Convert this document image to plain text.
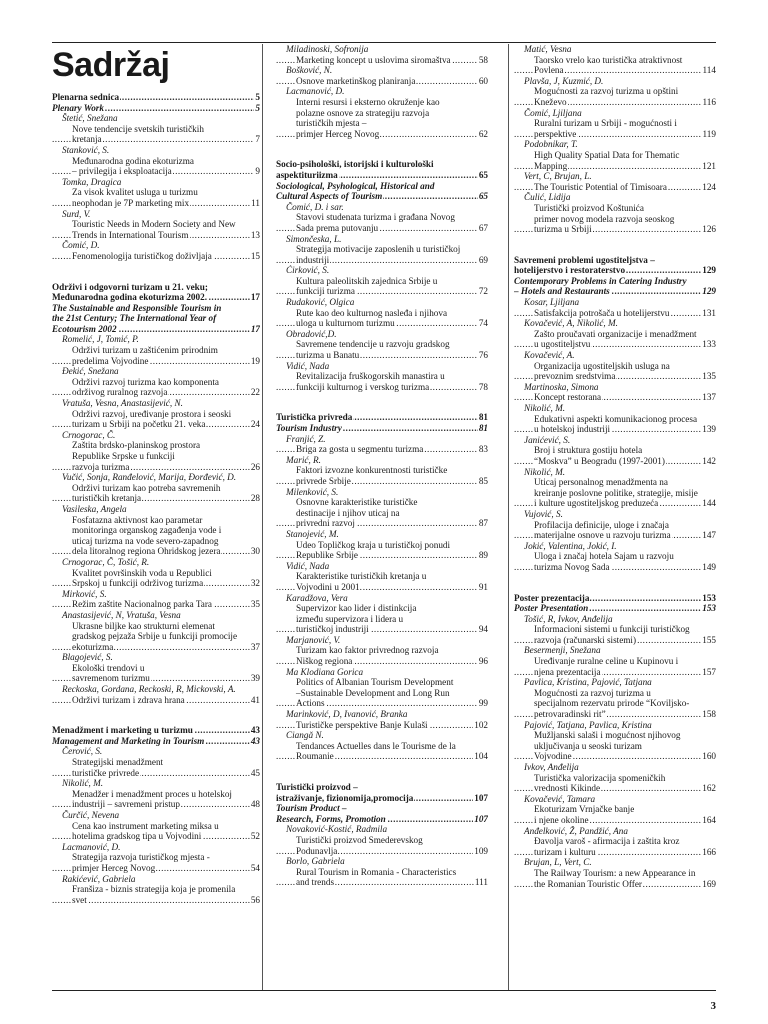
Sadržaj
..... Plenarna sednica	5
..... Plenary Work	5
Štetić, Snežana
Nove tendencije svetskih turističkih
..... kretanja	7
Stanković, S.
Međunarodna godina ekoturizma
..... – privilegija i eksploatacija	9
Tomka, Dragica
Za visok kvalitet usluga u turizmu
..... neophodan je 7P marketing mix	11
Surd, V.
Touristic Needs in Modern Society and New
..... Trends in International Tourism	13
Čomić, D.
..... Fenomenologija turističkog doživljaja	15
Održivi i odgovorni turizam u 21. veku;
..... Međunarodna godina ekoturizma 2002.	17
The Sustainable and Responsible Tourism in
the 21st Century; The International Year of
..... Ecotourism 2002	17
Romelić, J, Tomić, P.
Održivi turizam u zaštićenim prirodnim
..... predelima Vojvodine	19
Đekić, Snežana
Održivi razvoj turizma kao komponenta
..... održivog ruralnog razvoja	22
Vratuša, Vesna, Anastasijević, N.
Održivi razvoj, uređivanje prostora i seoski
..... turizam u Srbiji na početku 21. veka	24
Crnogorac, Č.
Zaštita brdsko-planinskog prostora
Republike Srpske u funkciji
..... razvoja turizma	26
Vučić, Sonja, Ranđelović, Marija, Đorđević, D.
Održivi turizam kao potreba savremenih
..... turističkih kretanja	28
Vasileska, Angela
Fosfatazna aktivnost kao parametar
monitoringa organskog zagađenja vode i
uticaj turizma na vode severo-zapadnog
..... dela litoralnog regiona Ohridskog jezera	30
Crnogorac, Č, Tošić, R.
Kvalitet površinskih voda u Republici
..... Srpskoj u funkciji održivog turizma	32
Mirković, S.
..... Režim zaštite Nacionalnog parka Tara	35
Anastasijević, N, Vratuša, Vesna
Ukrasne biljke kao strukturni elemenat
gradskog pejzaža Srbije u funkciji promocije
..... ekoturizma	37
Blagojević, S.
Ekološki trendovi u
..... savremenom turizmu	39
Reckoska, Gordana, Reckoski, R, Mickovski, A.
..... Održivi turizam i zdrava hrana	41
..... Menadžment i marketing u turizmu	43
..... Management and Marketing in Tourism	43
Čerović, S.
Strategijski menadžment
..... turističke privrede	45
Nikolić, M.
Menadžer i menadžment proces u hotelskoj
..... industriji – savremeni pristup	48
Čurčić, Nevena
Cena kao instrument marketing miksa u
..... hotelima gradskog tipa u Vojvodini	52
Lacmanović, D.
Strategija razvoja turističkog mjesta -
..... primjer Herceg Novog	54
Rakićević, Gabriela
Franšiza - biznis strategija koja je promenila
..... svet	56
Miladinoski, Sofronija
..... Marketing koncept u uslovima siromaštva	58
Bošković, N.
..... Osnove marketinškog planiranja	60
Lacmanović, D.
Interni resursi i eksterno okruženje kao
polazne osnove za strategiju razvoja
turističkih mjesta –
..... primjer Herceg Novog	62
Socio-psihološki, istorijski i kulturološki
..... aspektituriizma	65
Sociological, Psyhological, Historical and
..... Cultural Aspects of Tourism	65
Čomić, D. i sar.
Stavovi studenata turizma i građana Novog
..... Sada prema putovanju	67
Simončeska, L.
Strategija motivacije zaposlenih u turističkoj
..... industriji	69
Ćirković, S.
Kultura paleolitskih zajednica Srbije u
..... funkciji turizma	72
Rudaković, Olgica
Rute kao deo kulturnog nasleđa i njihova
..... uloga u kulturnom turizmu	74
Obradović,D.
Savremene tendencije u razvoju gradskog
..... turizma u Banatu	76
Vidić, Nada
Revitalizacija fruškogorskih manastira u
..... funkciji kulturnog i verskog turizma	78
..... Turistička privreda	81
..... Tourism Industry	81
Franjić, Z.
..... Briga za gosta u segmentu turizma	83
Marić, R.
Faktori izvozne konkurentnosti turističke
..... privrede Srbije	85
Milenković, S.
Osnovne karakteristike turističke
destinacije i njihov uticaj na
..... privredni razvoj	87
Stanojević, M.
Udeo Topličkog kraja u turističkoj ponudi
..... Republike Srbije	89
Vidić, Nada
Karakteristike turističkih kretanja u
..... Vojvodini u 2001.	91
Karadžova, Vera
Supervizor kao lider i distinkcija
između supervizora i lidera u
..... turističkoj industriji	94
Marjanović, V.
Turizam kao faktor privrednog razvoja
..... Niškog regiona	96
Ma Klodiana Gorica
Politics of Albanian Tourism Development
–Sustainable Development and Long Run
..... Actions	99
Marinković, D, Ivanović, Branka
..... Turističke perspektive Banje Kulaši	102
Ciangă N.
Tendances Actuelles dans le Tourisme de la
..... Roumanie	104
Turistički proizvod –
..... istraživanje, fizionomija,promocija	107
Tourism Product –
..... Research, Forms, Promotion	107
Novaković-Kostić, Radmila
Turistički proizvod Smederevskog
..... Podunavlja	109
Borlo, Gabriela
Rural Tourism in Romania - Characteristics
..... and trends	111
Matić, Vesna
Taorsko vrelo kao turistička atraktivnost
..... Povlena	114
Plavša, J, Kuzmić, D.
Mogućnosti za razvoj turizma u opštini
..... Kneževo	116
Čomić, Ljiljana
Ruralni turizam u Srbiji - mogućnosti i
..... perspektive	119
Podobnikar, T.
High Quality Spatial Data for Thematic
..... Mapping	121
Vert, C, Brujan, L.
..... The Touristic Potential of Timisoara	124
Čulić, Lidija
Turistički proizvod Koštunića
primer novog modela razvoja seoskog
..... turizma u Srbiji	126
Savremeni problemi ugostiteljstva –
..... hotelijerstvo i restoraterstvo	129
Contemporary Problems in Catering Industry
..... – Hotels and Restaurants	129
Kosar, Ljiljana
..... Satisfakcija potrošača u hotelijerstvu	131
Kovačević, A, Nikolić, M.
Zašto proučavati organizacije i menadžment
..... u ugostiteljstvu	133
Kovačević, A.
Organizacija ugostiteljskih usluga na
..... prevoznim sredstvima	135
Martinoska, Simona
..... Koncept restorana	137
Nikolić, M.
Edukativni aspekti komunikacionog procesa
..... u hotelskoj industriji	139
Janićević, S.
Broj i struktura gostiju hotela
..... “Moskva” u Beogradu (1997-2001)	142
Nikolić, M.
Uticaj personalnog menadžmenta na
kreiranje poslovne politike, strategije, misije
..... i kulture ugostiteljskog preduzeća	144
Vujović, S.
Profilacija definicije, uloge i značaja
..... materijalne osnove u razvoju turizma	147
Jokić, Valentina, Jokić, I.
Uloga i značaj hotela Sajam u razvoju
..... turizma Novog Sada	149
..... Poster prezentacija	153
..... Poster Presentation	153
Tošić, R, Ivkov, Anđelija
Informacioni sistemi u funkciji turističkog
..... razvoja (računarski sistemi)	155
Besermenji, Snežana
Uređivanje ruralne celine u Kupinovu i
..... njena prezentacija	157
Pavlica, Kristina, Pajović, Tatjana
Mogućnosti za razvoj turizma u
specijalnom rezervatu prirode “Koviljsko-
..... petrovaradinski rit”	158
Pajović, Tatjana, Pavlica, Kristina
Mužljanski salaši i mogućnost njihovog
uključivanja u seoski turizam
..... Vojvodine	160
Ivkov, Anđelija
Turistička valorizacija spomeničkih
..... vrednosti Kikinde	162
Kovačević, Tamara
Ekoturizam Vrnjačke banje
..... i njene okoline	164
Anđelković, Ž, Pandžić, Ana
Đavolja varoš - afirmacija i zaštita kroz
..... turizam i kulturu	166
Brujan, L, Vert, C.
The Railway Tourism: a new Appearance in
..... the Romanian Touristic Offer	169
3
